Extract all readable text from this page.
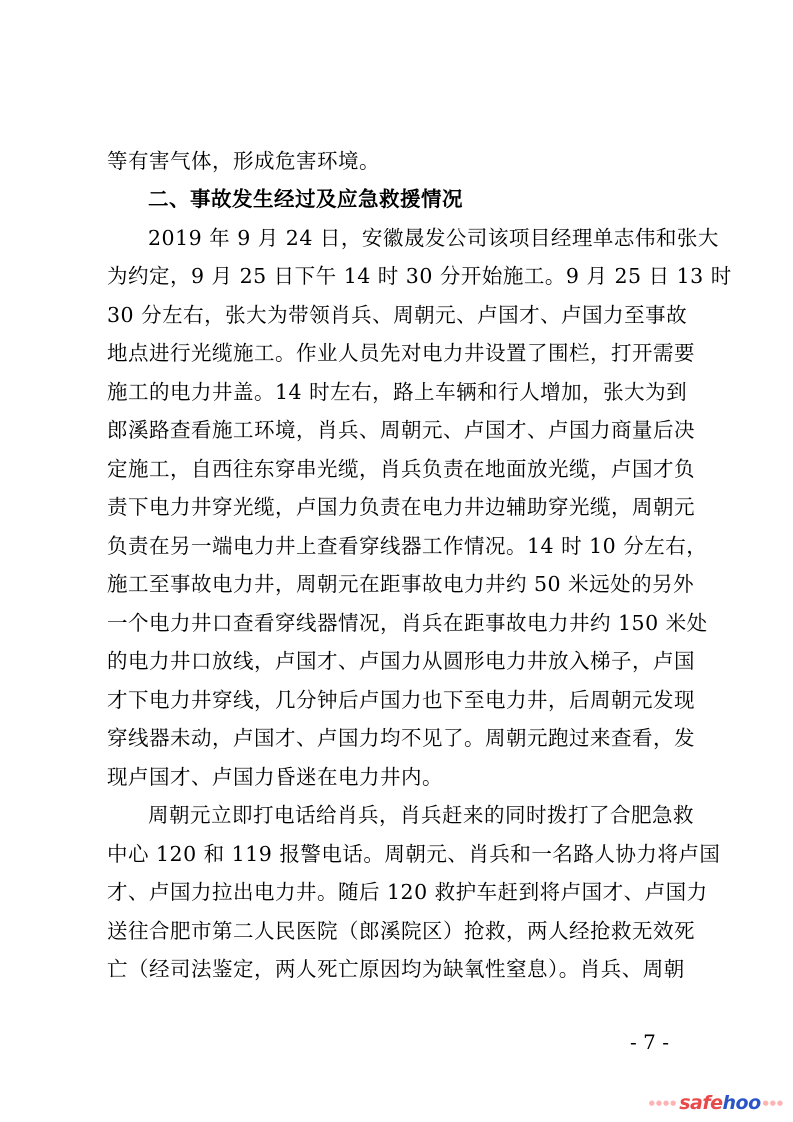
等有害气体，形成危害环境。
二、事故发生经过及应急救援情况
2019 年 9 月 24 日，安徽晟发公司该项目经理单志伟和张大
为约定，9 月 25 日下午 14 时 30 分开始施工。9 月 25 日 13 时
30 分左右，张大为带领肖兵、周朝元、卢国才、卢国力至事故
地点进行光缆施工。作业人员先对电力井设置了围栏，打开需要
施工的电力井盖。14 时左右，路上车辆和行人增加，张大为到
郎溪路查看施工环境，肖兵、周朝元、卢国才、卢国力商量后决
定施工，自西往东穿串光缆，肖兵负责在地面放光缆，卢国才负
责下电力井穿光缆，卢国力负责在电力井边辅助穿光缆，周朝元
负责在另一端电力井上查看穿线器工作情况。14 时 10 分左右，
施工至事故电力井，周朝元在距事故电力井约 50 米远处的另外
一个电力井口查看穿线器情况，肖兵在距事故电力井约 150 米处
的电力井口放线，卢国才、卢国力从圆形电力井放入梯子，卢国
才下电力井穿线，几分钟后卢国力也下至电力井，后周朝元发现
穿线器未动，卢国才、卢国力均不见了。周朝元跑过来查看，发
现卢国才、卢国力昏迷在电力井内。
周朝元立即打电话给肖兵，肖兵赶来的同时拨打了合肥急救
中心 120 和 119 报警电话。周朝元、肖兵和一名路人协力将卢国
才、卢国力拉出电力井。随后 120 救护车赶到将卢国才、卢国力
送往合肥市第二人民医院（郎溪院区）抢救，两人经抢救无效死
亡（经司法鉴定，两人死亡原因均为缺氧性窒息）。肖兵、周朝
- 7 -
●●●● safe hoo ●●●
